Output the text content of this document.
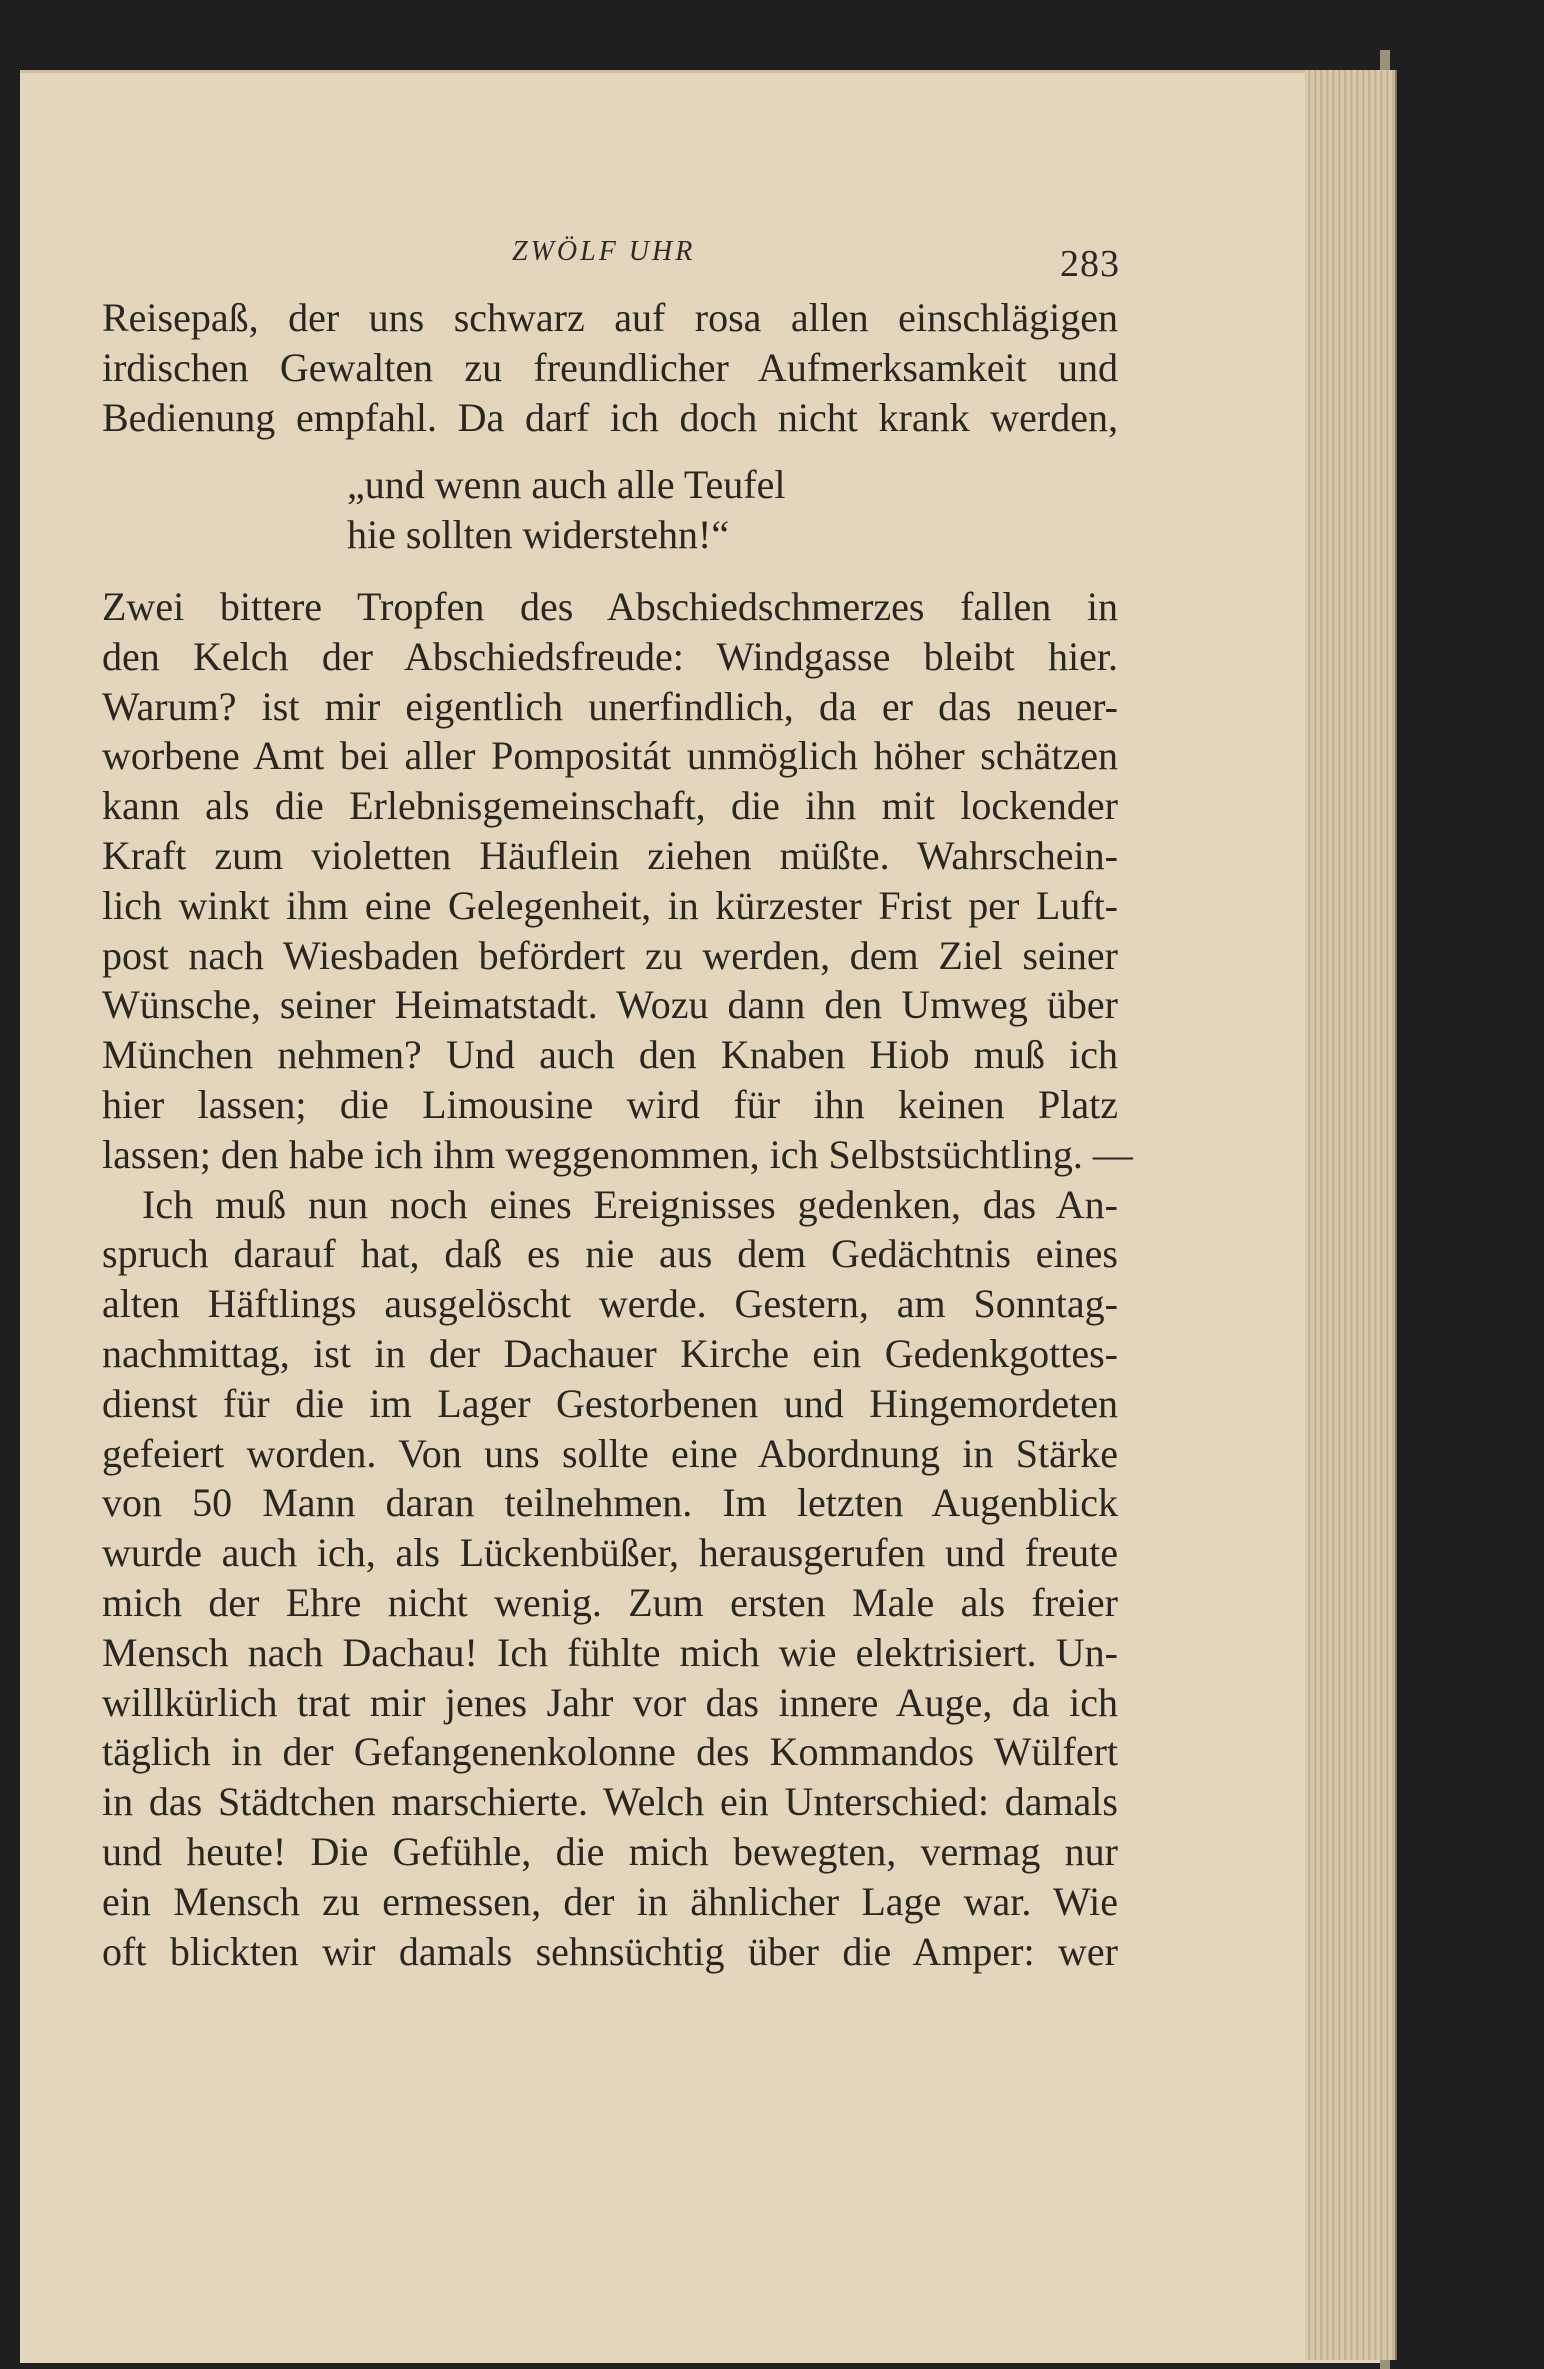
ZWÖLF UHR	283
Reisepaß, der uns schwarz auf rosa allen einschlägigen
irdischen Gewalten zu freundlicher Aufmerksamkeit und
Bedienung empfahl. Da darf ich doch nicht krank werden,
„und wenn auch alle Teufel
hie sollten widerstehn!“
Zwei bittere Tropfen des Abschiedschmerzes fallen in
den Kelch der Abschiedsfreude: Windgasse bleibt hier.
Warum? ist mir eigentlich unerfindlich, da er das neuer-
worbene Amt bei aller Pompositát unmöglich höher schätzen
kann als die Erlebnisgemeinschaft, die ihn mit lockender
Kraft zum violetten Häuflein ziehen müßte. Wahrschein-
lich winkt ihm eine Gelegenheit, in kürzester Frist per Luft-
post nach Wiesbaden befördert zu werden, dem Ziel seiner
Wünsche, seiner Heimatstadt. Wozu dann den Umweg über
München nehmen? Und auch den Knaben Hiob muß ich
hier lassen; die Limousine wird für ihn keinen Platz
lassen; den habe ich ihm weggenommen, ich Selbstsüchtling. —
Ich muß nun noch eines Ereignisses gedenken, das An-
spruch darauf hat, daß es nie aus dem Gedächtnis eines
alten Häftlings ausgelöscht werde. Gestern, am Sonntag-
nachmittag, ist in der Dachauer Kirche ein Gedenkgottes-
dienst für die im Lager Gestorbenen und Hingemordeten
gefeiert worden. Von uns sollte eine Abordnung in Stärke
von 50 Mann daran teilnehmen. Im letzten Augenblick
wurde auch ich, als Lückenbüßer, herausgerufen und freute
mich der Ehre nicht wenig. Zum ersten Male als freier
Mensch nach Dachau! Ich fühlte mich wie elektrisiert. Un-
willkürlich trat mir jenes Jahr vor das innere Auge, da ich
täglich in der Gefangenenkolonne des Kommandos Wülfert
in das Städtchen marschierte. Welch ein Unterschied: damals
und heute! Die Gefühle, die mich bewegten, vermag nur
ein Mensch zu ermessen, der in ähnlicher Lage war. Wie
oft blickten wir damals sehnsüchtig über die Amper: wer
